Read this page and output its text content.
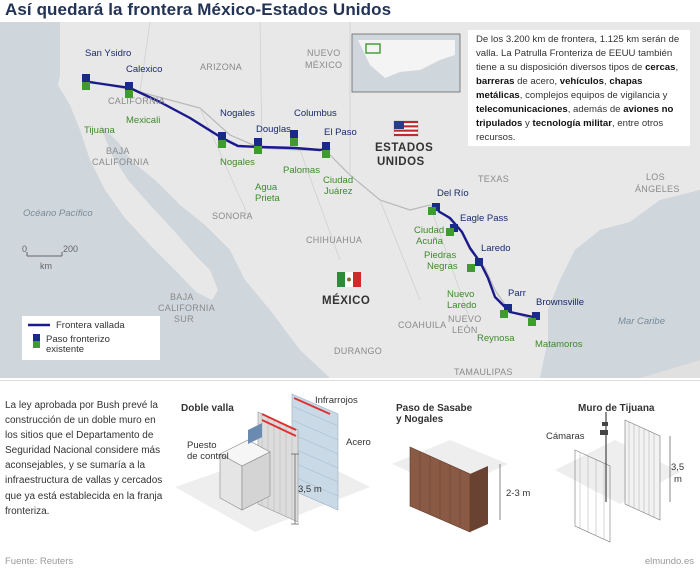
Así quedará la frontera México-Estados Unidos
San Ysidro
Calexico
Nogales
Douglas
Columbus
El Paso
Del Río
Eagle Pass
Laredo
Parr
Brownsville
Tijuana
Mexicali
Nogales
Agua
Prieta
Palomas
Ciudad
Juárez
Ciudad
Acuña
Piedras
Negras
Nuevo
Laredo
Reynosa
Matamoros
CALIFORNIA
ARIZONA
NUEVO
MÉXICO
TEXAS	LOS
ÁNGELES
BAJA
CALIFORNIA
SONORA
CHIHUAHUA
COAHUILA
DURANGO
NUEVO
LEÓN
TAMAULIPAS
BAJA
CALIFORNIA
SUR
ESTADOS
UNIDOS
MÉXICO
Océano Pacífico
Mar Caribe
0	200
km
Frontera vallada
Paso fronterizo
existente
De los 3.200 km de frontera, 1.125 km serán de valla. La Patrulla Fronteriza de EEUU también tiene a su disposición diversos tipos de cercas, barreras de acero, vehículos, chapas metálicas, complejos equipos de vigilancia y telecomunicaciones, además de aviones no tripulados y tecnología militar, entre otros recursos.
La ley aprobada por Bush prevé la construcción de un doble muro en los sitios que el Departamento de Seguridad Nacional considere más aconsejables, y se sumaría a la infraestructura de vallas y cercados que ya está establecida en la franja fronteriza.
Doble valla
Infrarrojos
Acero
Puesto
de control
3,5 m
Paso de Sasabe
y Nogales
2-3 m
Muro de Tijuana
Cámaras
3,5
m
Fuente: Reuters	elmundo.es
